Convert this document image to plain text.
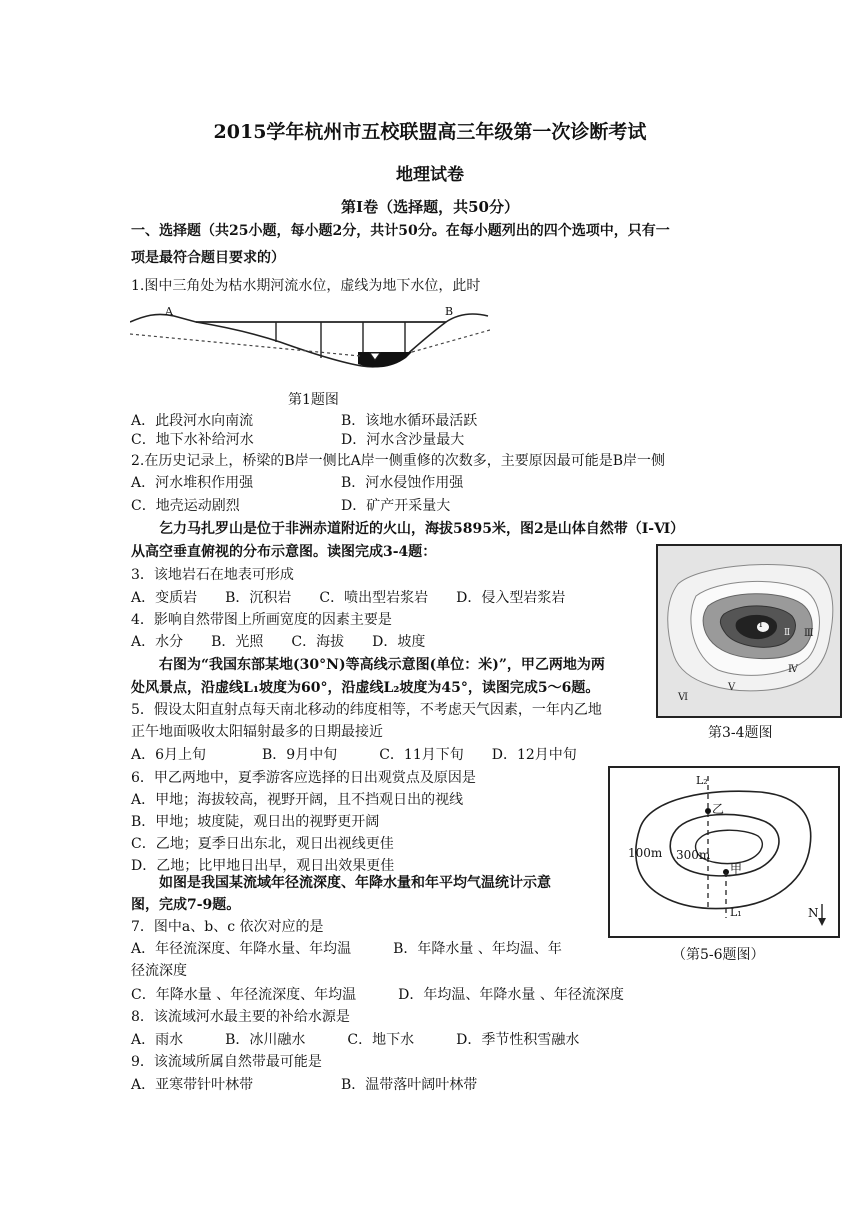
2015学年杭州市五校联盟高三年级第一次诊断考试
地理试卷
第Ⅰ卷（选择题，共50分）
一、选择题（共25小题，每小题2分，共计50分。在每小题列出的四个选项中，只有一
项是最符合题目要求的）
1.图中三角处为枯水期河流水位，虚线为地下水位，此时
A	B
第1题图
A．此段河水向南流	B．该地水循环最活跃
C．地下水补给河水	D．河水含沙量最大
2.在历史记录上，桥梁的B岸一侧比A岸一侧重修的次数多，主要原因最可能是B岸一侧
A．河水堆积作用强	B．河水侵蚀作用强
C．地壳运动剧烈	D．矿产开采量大
乞力马扎罗山是位于非洲赤道附近的火山，海拔5895米，图2是山体自然带（Ⅰ-Ⅵ）
从高空垂直俯视的分布示意图。读图完成3-4题：
3．该地岩石在地表可形成
A．变质岩　　B．沉积岩　　C．喷出型岩浆岩　　D．侵入型岩浆岩
4．影响自然带图上所画宽度的因素主要是
A．水分　　B．光照　　C．海拔　　D．坡度
Ⅰ
Ⅱ Ⅲ
Ⅳ
Ⅴ
Ⅵ
第3-4题图
右图为“我国东部某地(30°N)等高线示意图(单位：米)”，甲乙两地为两
处风景点，沿虚线L₁坡度为60°，沿虚线L₂坡度为45°，读图完成5～6题。
5．假设太阳直射点每天南北移动的纬度相等，不考虑天气因素，一年内乙地
正午地面吸收太阳辐射最多的日期最接近
A．6月上旬　　　　B．9月中旬　　　C．11月下旬　　D．12月中旬
6．甲乙两地中，夏季游客应选择的日出观赏点及原因是
A．甲地；海拔较高，视野开阔，且不挡观日出的视线
B．甲地；坡度陡，观日出的视野更开阔
C．乙地；夏季日出东北，观日出视线更佳
D．乙地；比甲地日出早，观日出效果更佳
L₂
乙
100m 300m
甲
L₁	N
（第5-6题图）
如图是我国某流域年径流深度、年降水量和年平均气温统计示意
图，完成7-9题。
7．图中a、b、c 依次对应的是
A．年径流深度、年降水量、年均温　　　B．年降水量 、年均温、年
径流深度
C．年降水量 、年径流深度、年均温　　　D．年均温、年降水量 、年径流深度
8．该流域河水最主要的补给水源是
A．雨水　　　B．冰川融水　　　C．地下水　　　D．季节性积雪融水
9．该流域所属自然带最可能是
A．亚寒带针叶林带	B．温带落叶阔叶林带
